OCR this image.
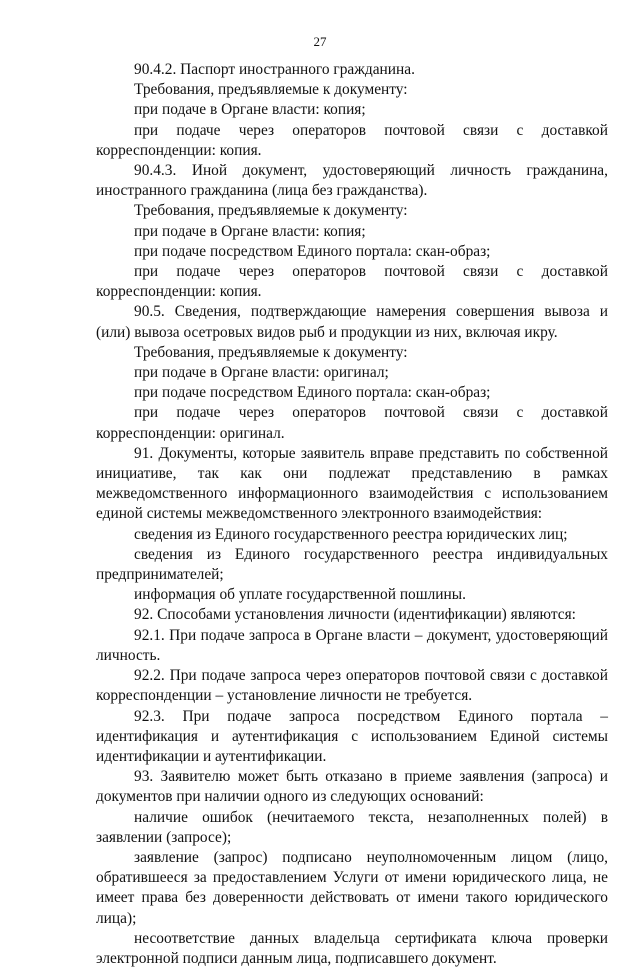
27

90.4.2. Паспорт иностранного гражданина.

Требования, предъявляемые к документу:

при подаче в Органе власти: копия;

при подаче через операторов почтовой связи с доставкой корреспонденции: копия.

90.4.3. Иной документ, удостоверяющий личность гражданина, иностранного гражданина (лица без гражданства).

Требования, предъявляемые к документу:

при подаче в Органе власти: копия;

при подаче посредством Единого портала: скан-образ;

при подаче через операторов почтовой связи с доставкой корреспонденции: копия.

90.5. Сведения, подтверждающие намерения совершения вывоза и (или) вывоза осетровых видов рыб и продукции из них, включая икру.

Требования, предъявляемые к документу:

при подаче в Органе власти: оригинал;

при подаче посредством Единого портала: скан-образ;

при подаче через операторов почтовой связи с доставкой корреспонденции: оригинал.

91. Документы, которые заявитель вправе представить по собственной инициативе, так как они подлежат представлению в рамках межведомственного информационного взаимодействия с использованием единой системы межведомственного электронного взаимодействия:

сведения из Единого государственного реестра юридических лиц;

сведения из Единого государственного реестра индивидуальных предпринимателей;

информация об уплате государственной пошлины.

92. Способами установления личности (идентификации) являются:

92.1. При подаче запроса в Органе власти – документ, удостоверяющий личность.

92.2. При подаче запроса через операторов почтовой связи с доставкой корреспонденции – установление личности не требуется.

92.3. При подаче запроса посредством Единого портала – идентификация и аутентификация с использованием Единой системы идентификации и аутентификации.

93. Заявителю может быть отказано в приеме заявления (запроса) и документов при наличии одного из следующих оснований:

наличие ошибок (нечитаемого текста, незаполненных полей) в заявлении (запросе);

заявление (запрос) подписано неуполномоченным лицом (лицо, обратившееся за предоставлением Услуги от имени юридического лица, не имеет права без доверенности действовать от имени такого юридического лица);

несоответствие данных владельца сертификата ключа проверки электронной подписи данным лица, подписавшего документ.
